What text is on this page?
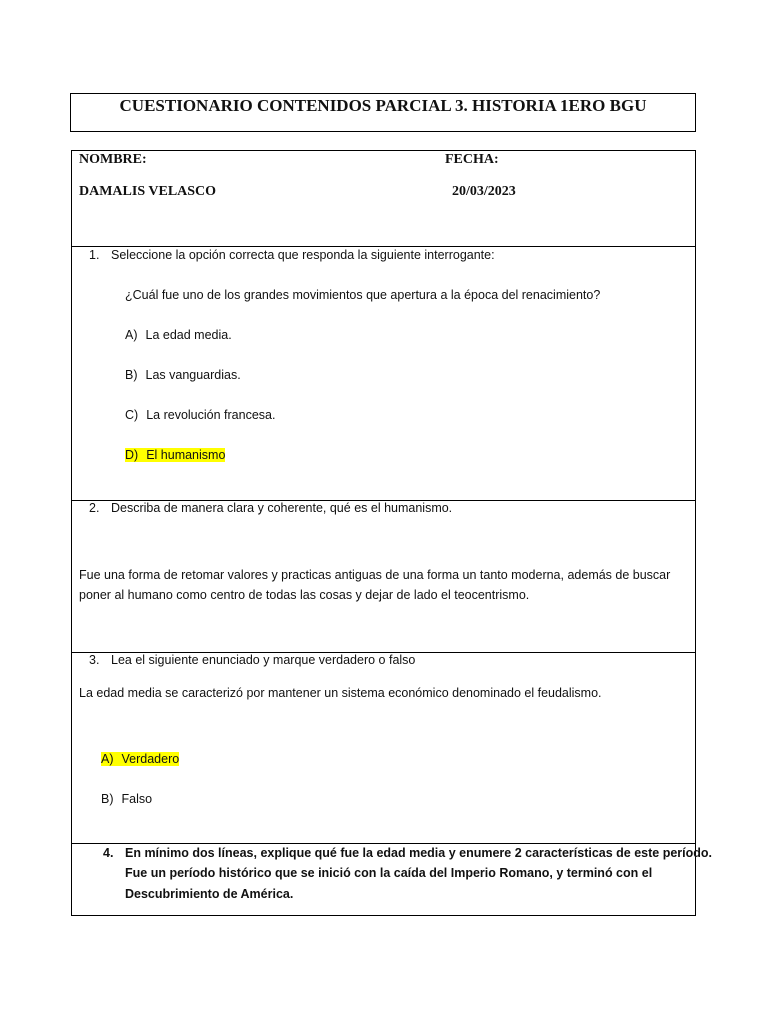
CUESTIONARIO CONTENIDOS PARCIAL 3. HISTORIA 1ERO BGU
NOMBRE:	FECHA:
DAMALIS VELASCO	20/03/2023
1. Seleccione la opción correcta que responda la siguiente interrogante:
¿Cuál fue uno de los grandes movimientos que apertura a la época del renacimiento?
A) La edad media.
B) Las vanguardias.
C) La revolución francesa.
D) El humanismo
2. Describa de manera clara y coherente, qué es el humanismo.
Fue una forma de retomar valores y practicas antiguas de una forma un tanto moderna, además de buscar
poner al humano como centro de todas las cosas y dejar de lado el teocentrismo.
3. Lea el siguiente enunciado y marque verdadero o falso
La edad media se caracterizó por mantener un sistema económico denominado el feudalismo.
A) Verdadero
B) Falso
4. En mínimo dos líneas, explique qué fue la edad media y enumere 2 características de este período.
Fue un período histórico que se inició con la caída del Imperio Romano, y terminó con el
Descubrimiento de América.
